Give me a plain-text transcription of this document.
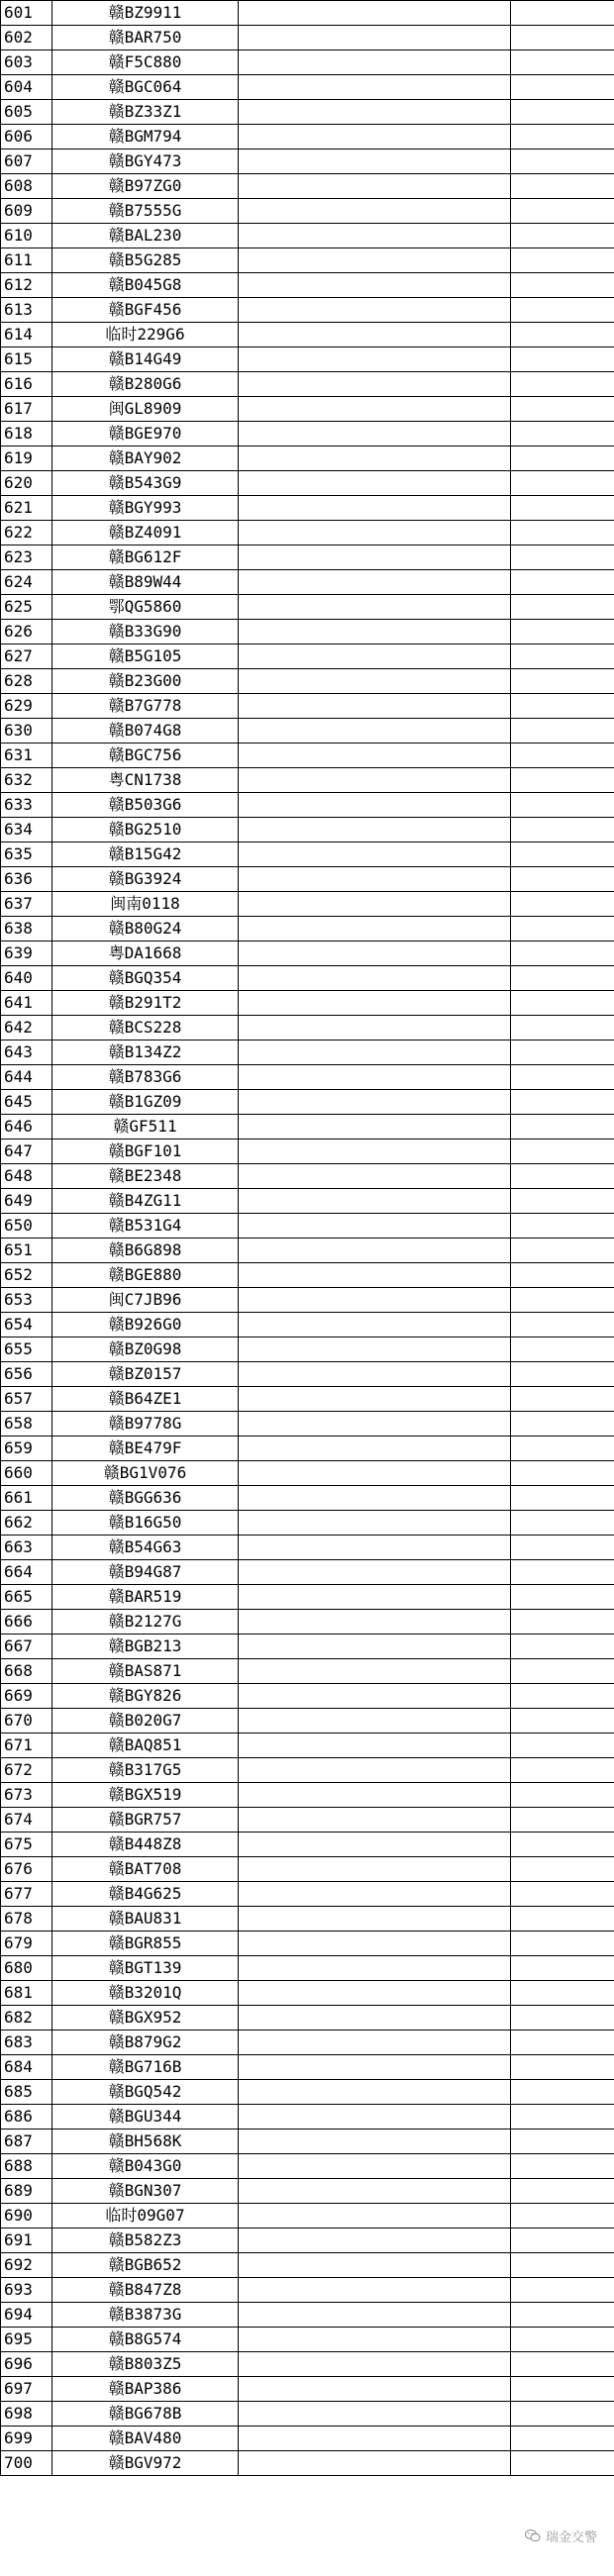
601	赣BZ9911		
602	赣BAR750		
603	赣F5C880		
604	赣BGC064		
605	赣BZ33Z1		
606	赣BGM794		
607	赣BGY473		
608	赣B97ZG0		
609	赣B7555G		
610	赣BAL230		
611	赣B5G285		
612	赣B045G8		
613	赣BGF456		
614	临时229G6		
615	赣B14G49		
616	赣B280G6		
617	闽GL8909		
618	赣BGE970		
619	赣BAY902		
620	赣B543G9		
621	赣BGY993		
622	赣BZ4091		
623	赣BG612F		
624	赣B89W44		
625	鄂QG5860		
626	赣B33G90		
627	赣B5G105		
628	赣B23G00		
629	赣B7G778		
630	赣B074G8		
631	赣BGC756		
632	粤CN1738		
633	赣B503G6		
634	赣BG2510		
635	赣B15G42		
636	赣BG3924		
637	闽南0118		
638	赣B80G24		
639	粤DA1668		
640	赣BGQ354		
641	赣B291T2		
642	赣BCS228		
643	赣B134Z2		
644	赣B783G6		
645	赣B1GZ09		
646	赣GF511		
647	赣BGF101		
648	赣BE2348		
649	赣B4ZG11		
650	赣B531G4		
651	赣B6G898		
652	赣BGE880		
653	闽C7JB96		
654	赣B926G0		
655	赣BZ0G98		
656	赣BZ0157		
657	赣B64ZE1		
658	赣B9778G		
659	赣BE479F		
660	赣BG1V076		
661	赣BGG636		
662	赣B16G50		
663	赣B54G63		
664	赣B94G87		
665	赣BAR519		
666	赣B2127G		
667	赣BGB213		
668	赣BAS871		
669	赣BGY826		
670	赣B020G7		
671	赣BAQ851		
672	赣B317G5		
673	赣BGX519		
674	赣BGR757		
675	赣B448Z8		
676	赣BAT708		
677	赣B4G625		
678	赣BAU831		
679	赣BGR855		
680	赣BGT139		
681	赣B3201Q		
682	赣BGX952		
683	赣B879G2		
684	赣BG716B		
685	赣BGQ542		
686	赣BGU344		
687	赣BH568K		
688	赣B043G0		
689	赣BGN307		
690	临时09G07		
691	赣B582Z3		
692	赣BGB652		
693	赣B847Z8		
694	赣B3873G		
695	赣B8G574		
696	赣B803Z5		
697	赣BAP386		
698	赣BG678B		
699	赣BAV480		
700	赣BGV972		
瑞金交警
